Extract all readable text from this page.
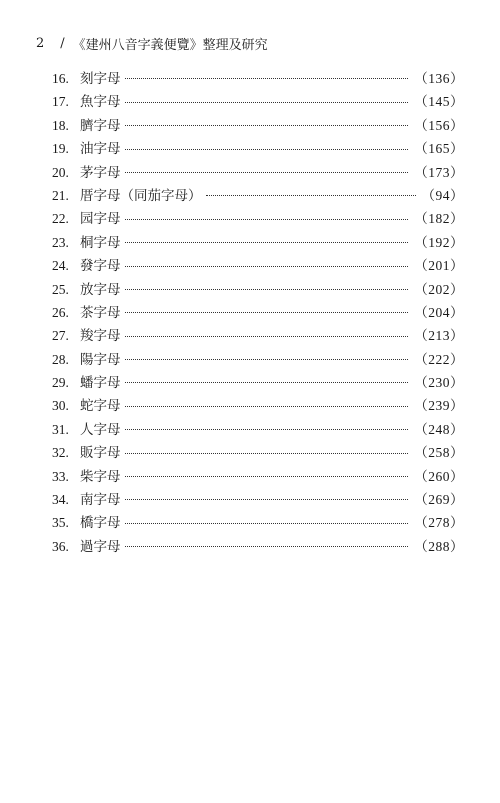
2 / 《建州八音字義便覽》整理及研究
16. 刻字母	（136）
17. 魚字母	（145）
18. 臍字母	（156）
19. 油字母	（165）
20. 茅字母	（173）
21. 厝字母（同茄字母）	（94）
22. 园字母	（182）
23. 桐字母	（192）
24. 發字母	（201）
25. 放字母	（202）
26. 茶字母	（204）
27. 羧字母	（213）
28. 陽字母	（222）
29. 蟠字母	（230）
30. 蛇字母	（239）
31. 人字母	（248）
32. 販字母	（258）
33. 柴字母	（260）
34. 南字母	（269）
35. 橋字母	（278）
36. 過字母	（288）
